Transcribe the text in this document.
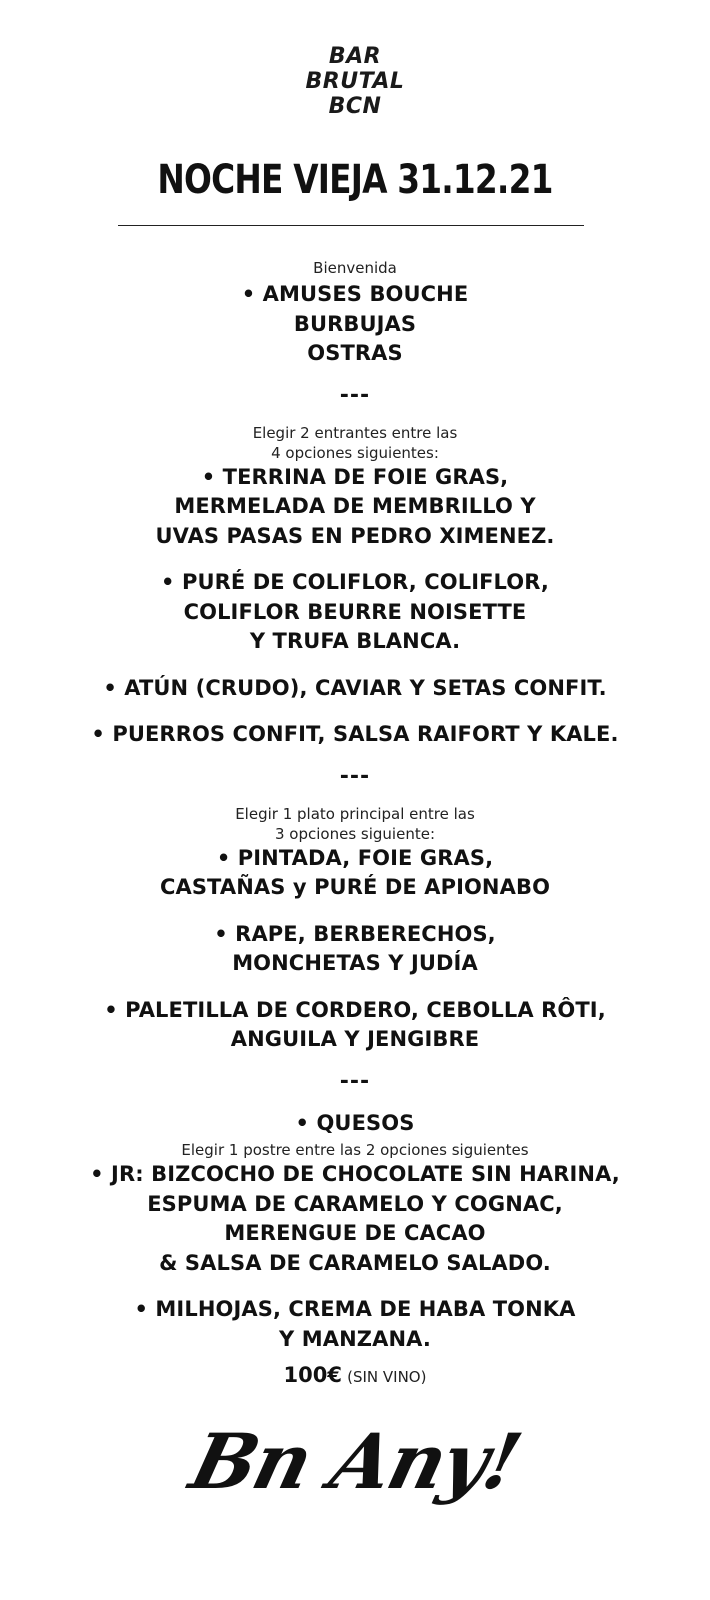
BAR
BRUTAL
BCN
NOCHE VIEJA 31.12.21

Bienvenida

• AMUSES BOUCHE

BURBUJAS

OSTRAS

---

Elegir 2 entrantes entre las

4 opciones siguientes:

• TERRINA DE FOIE GRAS,

MERMELADA DE MEMBRILLO Y

UVAS PASAS EN PEDRO XIMENEZ.

• PURÉ DE COLIFLOR, COLIFLOR,

COLIFLOR BEURRE NOISETTE

Y TRUFA BLANCA.

• ATÚN (CRUDO), CAVIAR Y SETAS CONFIT.

• PUERROS CONFIT, SALSA RAIFORT Y KALE.

---

Elegir 1 plato principal entre las

3 opciones siguiente:

• PINTADA, FOIE GRAS,

CASTAÑAS y PURÉ DE APIONABO

• RAPE, BERBERECHOS,

MONCHETAS Y JUDÍA

• PALETILLA DE CORDERO, CEBOLLA RÔTI,

ANGUILA Y JENGIBRE

---

• QUESOS

Elegir 1 postre entre las 2 opciones siguientes

• JR: BIZCOCHO DE CHOCOLATE SIN HARINA,

ESPUMA DE CARAMELO Y COGNAC,

MERENGUE DE CACAO

& SALSA DE CARAMELO SALADO.

• MILHOJAS, CREMA DE HABA TONKA

Y MANZANA.

100€ (SIN VINO)
Bn Any!
